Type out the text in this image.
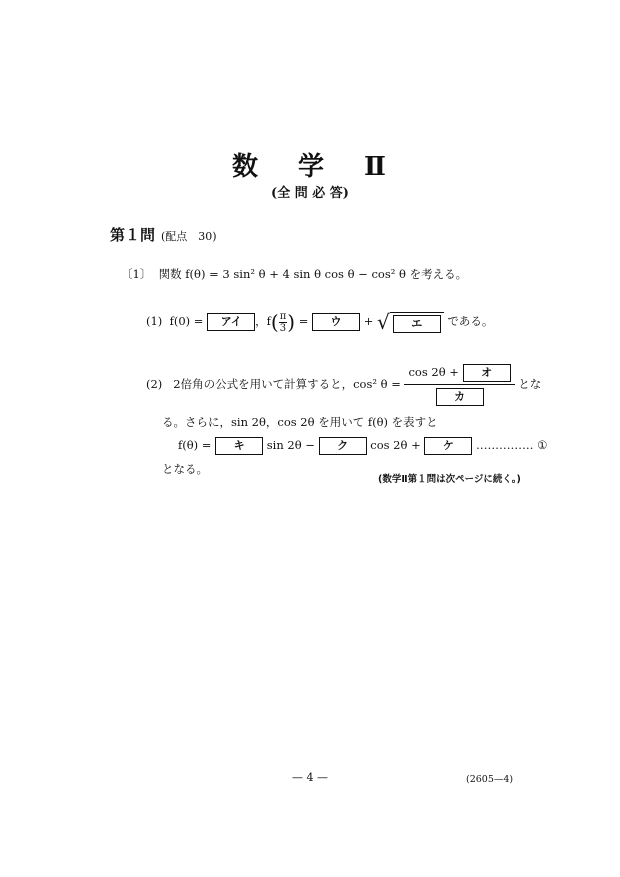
数 学 Ⅱ
(全 問 必 答)
第１問 (配点　30)
〔1〕 関数 f(θ) = 3 sin² θ + 4 sin θ cos θ − cos² θ を考える。
(1) f(0) = アイ ，$f( \frac{\pi}{3}$ ) = ウ + √ エ である。
(2) 2倍角の公式を用いて計算すると，cos² $\theta = \frac{\text{cos 2θ + オ}}{\text{カ}}$ とな
る。さらに，sin 2θ，cos 2θ を用いて f(θ) を表すと
f(θ) = キ sin 2θ − ク cos 2θ + ケ …………… ①
となる。
(数学Ⅱ第１問は次ページに続く。)
— 4 —	(2605—4)
